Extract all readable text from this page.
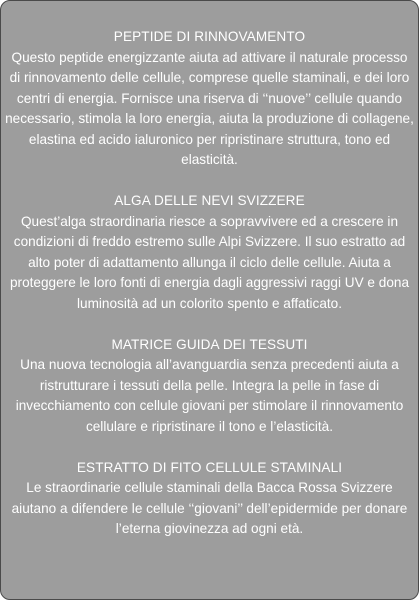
PEPTIDE DI RINNOVAMENTO
Questo peptide energizzante aiuta ad attivare il naturale processo di rinnovamento delle cellule, comprese quelle staminali, e dei loro centri di energia. Fornisce una riserva di ‘‘nuove’’ cellule quando necessario, stimola la loro energia, aiuta la produzione di collagene, elastina ed acido ialuronico per ripristinare struttura, tono ed elasticità.
ALGA DELLE NEVI SVIZZERE
Quest’alga straordinaria riesce a sopravvivere ed a crescere in condizioni di freddo estremo sulle Alpi Svizzere. Il suo estratto ad alto poter di adattamento allunga il ciclo delle cellule. Aiuta a proteggere le loro fonti di energia dagli aggressivi raggi UV e dona luminosità ad un colorito spento e affaticato.
MATRICE GUIDA DEI TESSUTI
Una nuova tecnologia all’avanguardia senza precedenti aiuta a ristrutturare i tessuti della pelle. Integra la pelle in fase di invecchiamento con cellule giovani per stimolare il rinnovamento cellulare e ripristinare il tono e l’elasticità.
ESTRATTO DI FITO CELLULE STAMINALI
Le straordinarie cellule staminali della Bacca Rossa Svizzere aiutano a difendere le cellule ‘‘giovani’’ dell’epidermide per donare l’eterna giovinezza ad ogni età.
